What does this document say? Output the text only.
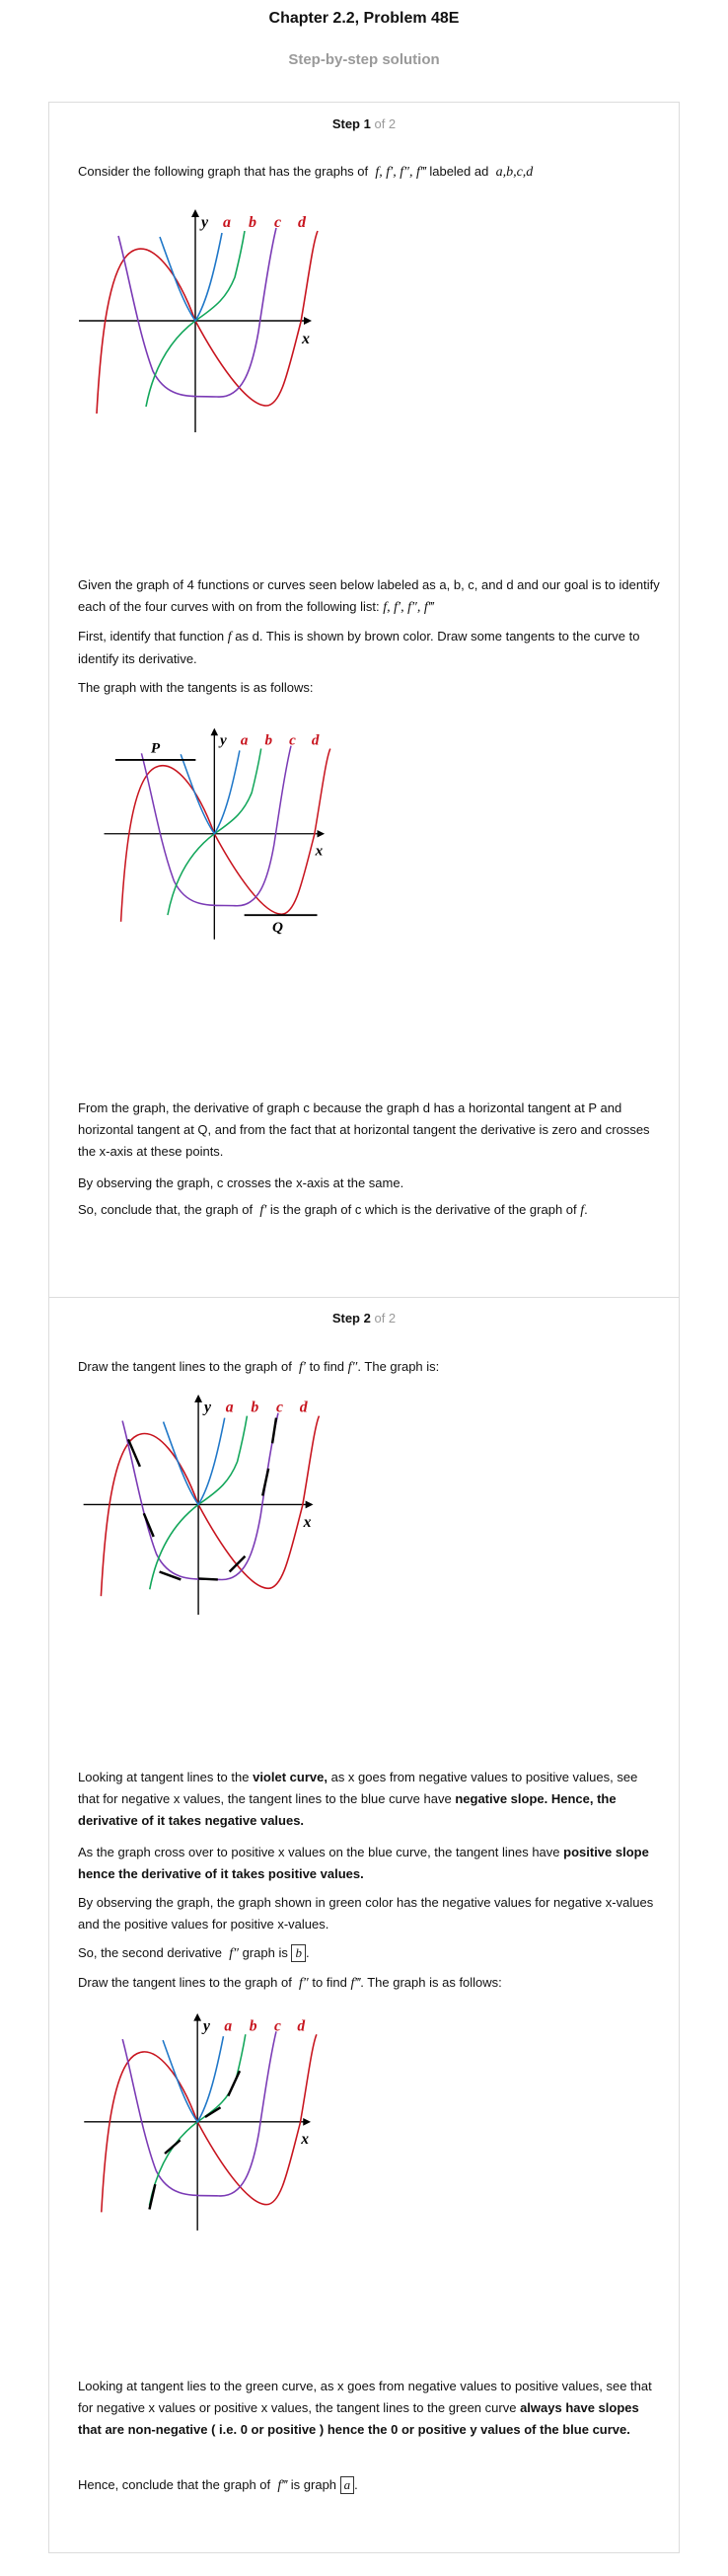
Chapter 2.2, Problem 48E
Step-by-step solution
Step 1 of 2
Consider the following graph that has the graphs of f, f′, f″, f‴ labeled ad a,b,c,d
y
x
a b c d
Given the graph of 4 functions or curves seen below labeled as a, b, c, and d and our goal is to identify each of the four curves with on from the following list: f, f′, f″, f‴
First, identify that function f as d. This is shown by brown color. Draw some tangents to the curve to identify its derivative.
The graph with the tangents is as follows:
y
x
a b c d
P
Q
From the graph, the derivative of graph c because the graph d has a horizontal tangent at P and horizontal tangent at Q, and from the fact that at horizontal tangent the derivative is zero and crosses the x-axis at these points.
By observing the graph, c crosses the x-axis at the same.
So, conclude that, the graph of f′ is the graph of c which is the derivative of the graph of f.
Step 2 of 2
Draw the tangent lines to the graph of f′ to find f″. The graph is:
y
x
a b c d
Looking at tangent lines to the violet curve, as x goes from negative values to positive values, see that for negative x values, the tangent lines to the blue curve have negative slope. Hence, the derivative of it takes negative values.
As the graph cross over to positive x values on the blue curve, the tangent lines have positive slope hence the derivative of it takes positive values.
By observing the graph, the graph shown in green color has the negative values for negative x-values and the positive values for positive x-values.
So, the second derivative f″ graph is b .
Draw the tangent lines to the graph of f″ to find f‴. The graph is as follows:
y
x
a b c d
Looking at tangent lies to the green curve, as x goes from negative values to positive values, see that for negative x values or positive x values, the tangent lines to the green curve always have slopes that are non-negative ( i.e. 0 or positive ) hence the 0 or positive y values of the blue curve.
Hence, conclude that the graph of f‴ is graph a .
